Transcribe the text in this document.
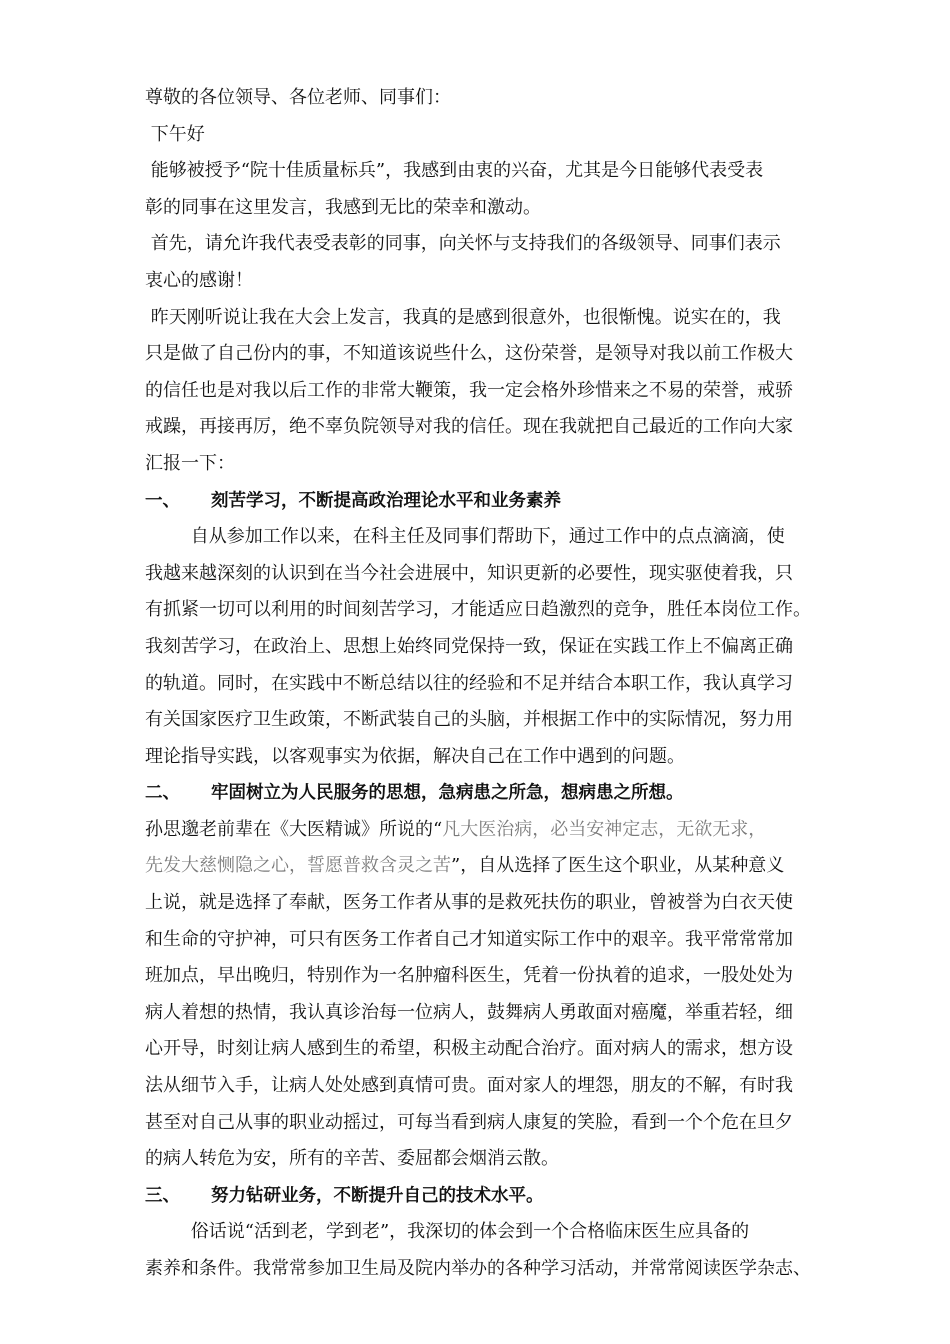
尊敬的各位领导、各位老师、同事们：
下午好
能够被授予“院十佳质量标兵”，我感到由衷的兴奋，尤其是今日能够代表受表
彰的同事在这里发言，我感到无比的荣幸和激动。
首先，请允许我代表受表彰的同事，向关怀与支持我们的各级领导、同事们表示
衷心的感谢！
昨天刚听说让我在大会上发言，我真的是感到很意外，也很惭愧。说实在的，我
只是做了自己份内的事，不知道该说些什么，这份荣誉，是领导对我以前工作极大
的信任也是对我以后工作的非常大鞭策，我一定会格外珍惜来之不易的荣誉，戒骄
戒躁，再接再厉，绝不辜负院领导对我的信任。现在我就把自己最近的工作向大家
汇报一下：
一、 刻苦学习，不断提高政治理论水平和业务素养
自从参加工作以来，在科主任及同事们帮助下，通过工作中的点点滴滴，使
我越来越深刻的认识到在当今社会进展中，知识更新的必要性，现实驱使着我，只
有抓紧一切可以利用的时间刻苦学习，才能适应日趋激烈的竞争，胜任本岗位工作。
我刻苦学习，在政治上、思想上始终同党保持一致，保证在实践工作上不偏离正确
的轨道。同时，在实践中不断总结以往的经验和不足并结合本职工作，我认真学习
有关国家医疗卫生政策，不断武装自己的头脑，并根据工作中的实际情况，努力用
理论指导实践，以客观事实为依据，解决自己在工作中遇到的问题。
二、 牢固树立为人民服务的思想，急病患之所急，想病患之所想。
孙思邈老前辈在《大医精诚》所说的“凡大医治病，必当安神定志，无欲无求，
先发大慈恻隐之心，誓愿普救含灵之苦”，自从选择了医生这个职业，从某种意义
上说，就是选择了奉献，医务工作者从事的是救死扶伤的职业，曾被誉为白衣天使
和生命的守护神，可只有医务工作者自己才知道实际工作中的艰辛。我平常常常加
班加点，早出晚归，特别作为一名肿瘤科医生，凭着一份执着的追求，一股处处为
病人着想的热情，我认真诊治每一位病人，鼓舞病人勇敢面对癌魔，举重若轻，细
心开导，时刻让病人感到生的希望，积极主动配合治疗。面对病人的需求，想方设
法从细节入手，让病人处处感到真情可贵。面对家人的埋怨，朋友的不解，有时我
甚至对自己从事的职业动摇过，可每当看到病人康复的笑脸，看到一个个危在旦夕
的病人转危为安，所有的辛苦、委屈都会烟消云散。
三、 努力钻研业务，不断提升自己的技术水平。
俗话说“活到老，学到老”，我深切的体会到一个合格临床医生应具备的
素养和条件。我常常参加卫生局及院内举办的各种学习活动，并常常阅读医学杂志、
